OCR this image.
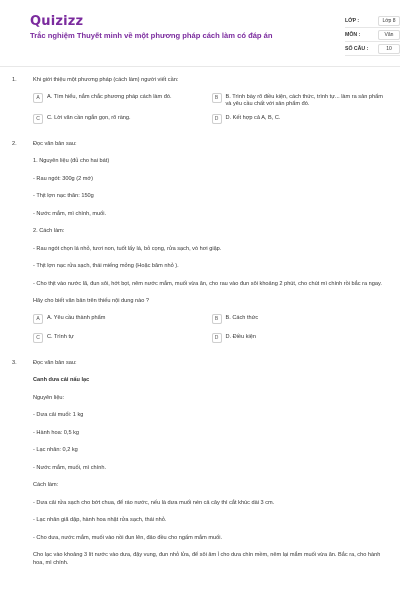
Quizizz
Trắc nghiệm Thuyết minh về một phương pháp cách làm có đáp án
LỚP :	Lớp 8
MÔN :	Văn
SỐ CÂU :	10
1.	Khi giới thiệu một phương pháp (cách làm) người viết cần:
A	A. Tìm hiểu, nắm chắc phương pháp cách làm đó.	B	B. Trình bày rõ điều kiện, cách thức, trình tự... làm ra sản phẩm và yêu cầu chất với sản phẩm đó.
C	C. Lời văn cần ngắn gọn, rõ ràng.	D	D. Kết hợp cả A, B, C.
2.	Đọc văn bản sau:
1. Nguyên liệu (đủ cho hai bát)
- Rau ngót: 300g (2 mớ)
- Thịt lợn nạc thăn: 150g
- Nước mắm, mì chính, muối.
2. Cách làm:
- Rau ngót chọn lá nhỏ, tươi non, tuốt lấy lá, bỏ cọng, rửa sạch, vò hơi giập.
- Thịt lợn nạc rửa sạch, thái miếng mỏng (Hoặc băm nhỏ ).
- Cho thịt vào nước lã, đun sôi, hớt bọt, nêm nước mắm, muối vừa ăn, cho rau vào đun sôi khoảng 2 phút, cho chút mì chính rồi bắc ra ngay.
Hãy cho biết văn bản trên thiếu nội dung nào ?
A	A. Yêu cầu thành phẩm	B	B. Cách thức
C	C. Trình tự	D	D. Điều kiện
3.	Đọc văn bản sau:
Canh dưa cải nấu lạc
Nguyên liệu:
- Dưa cải muối: 1 kg
- Hành hoa: 0,5 kg
- Lạc nhân: 0,2 kg
- Nước mắm, muối, mì chính.
Cách làm:
- Dưa cải rửa sạch cho bớt chua, để ráo nước, nếu là dưa muối nén cả cây thì cắt khúc dài 3 cm.
- Lạc nhân giã dập, hành hoa nhặt rửa sạch, thái nhỏ.
- Cho dưa, nước mắm, muối vào nồi đun lên, đảo đều cho ngấm mắm muối.
Cho lạc vào khoảng 3 lít nước vào dưa, đậy vung, đun nhỏ lửa, để sôi âm ỉ cho dưa chín mềm, nêm lại mắm muối vừa ăn. Bắc ra, cho hành hoa, mì chính.
